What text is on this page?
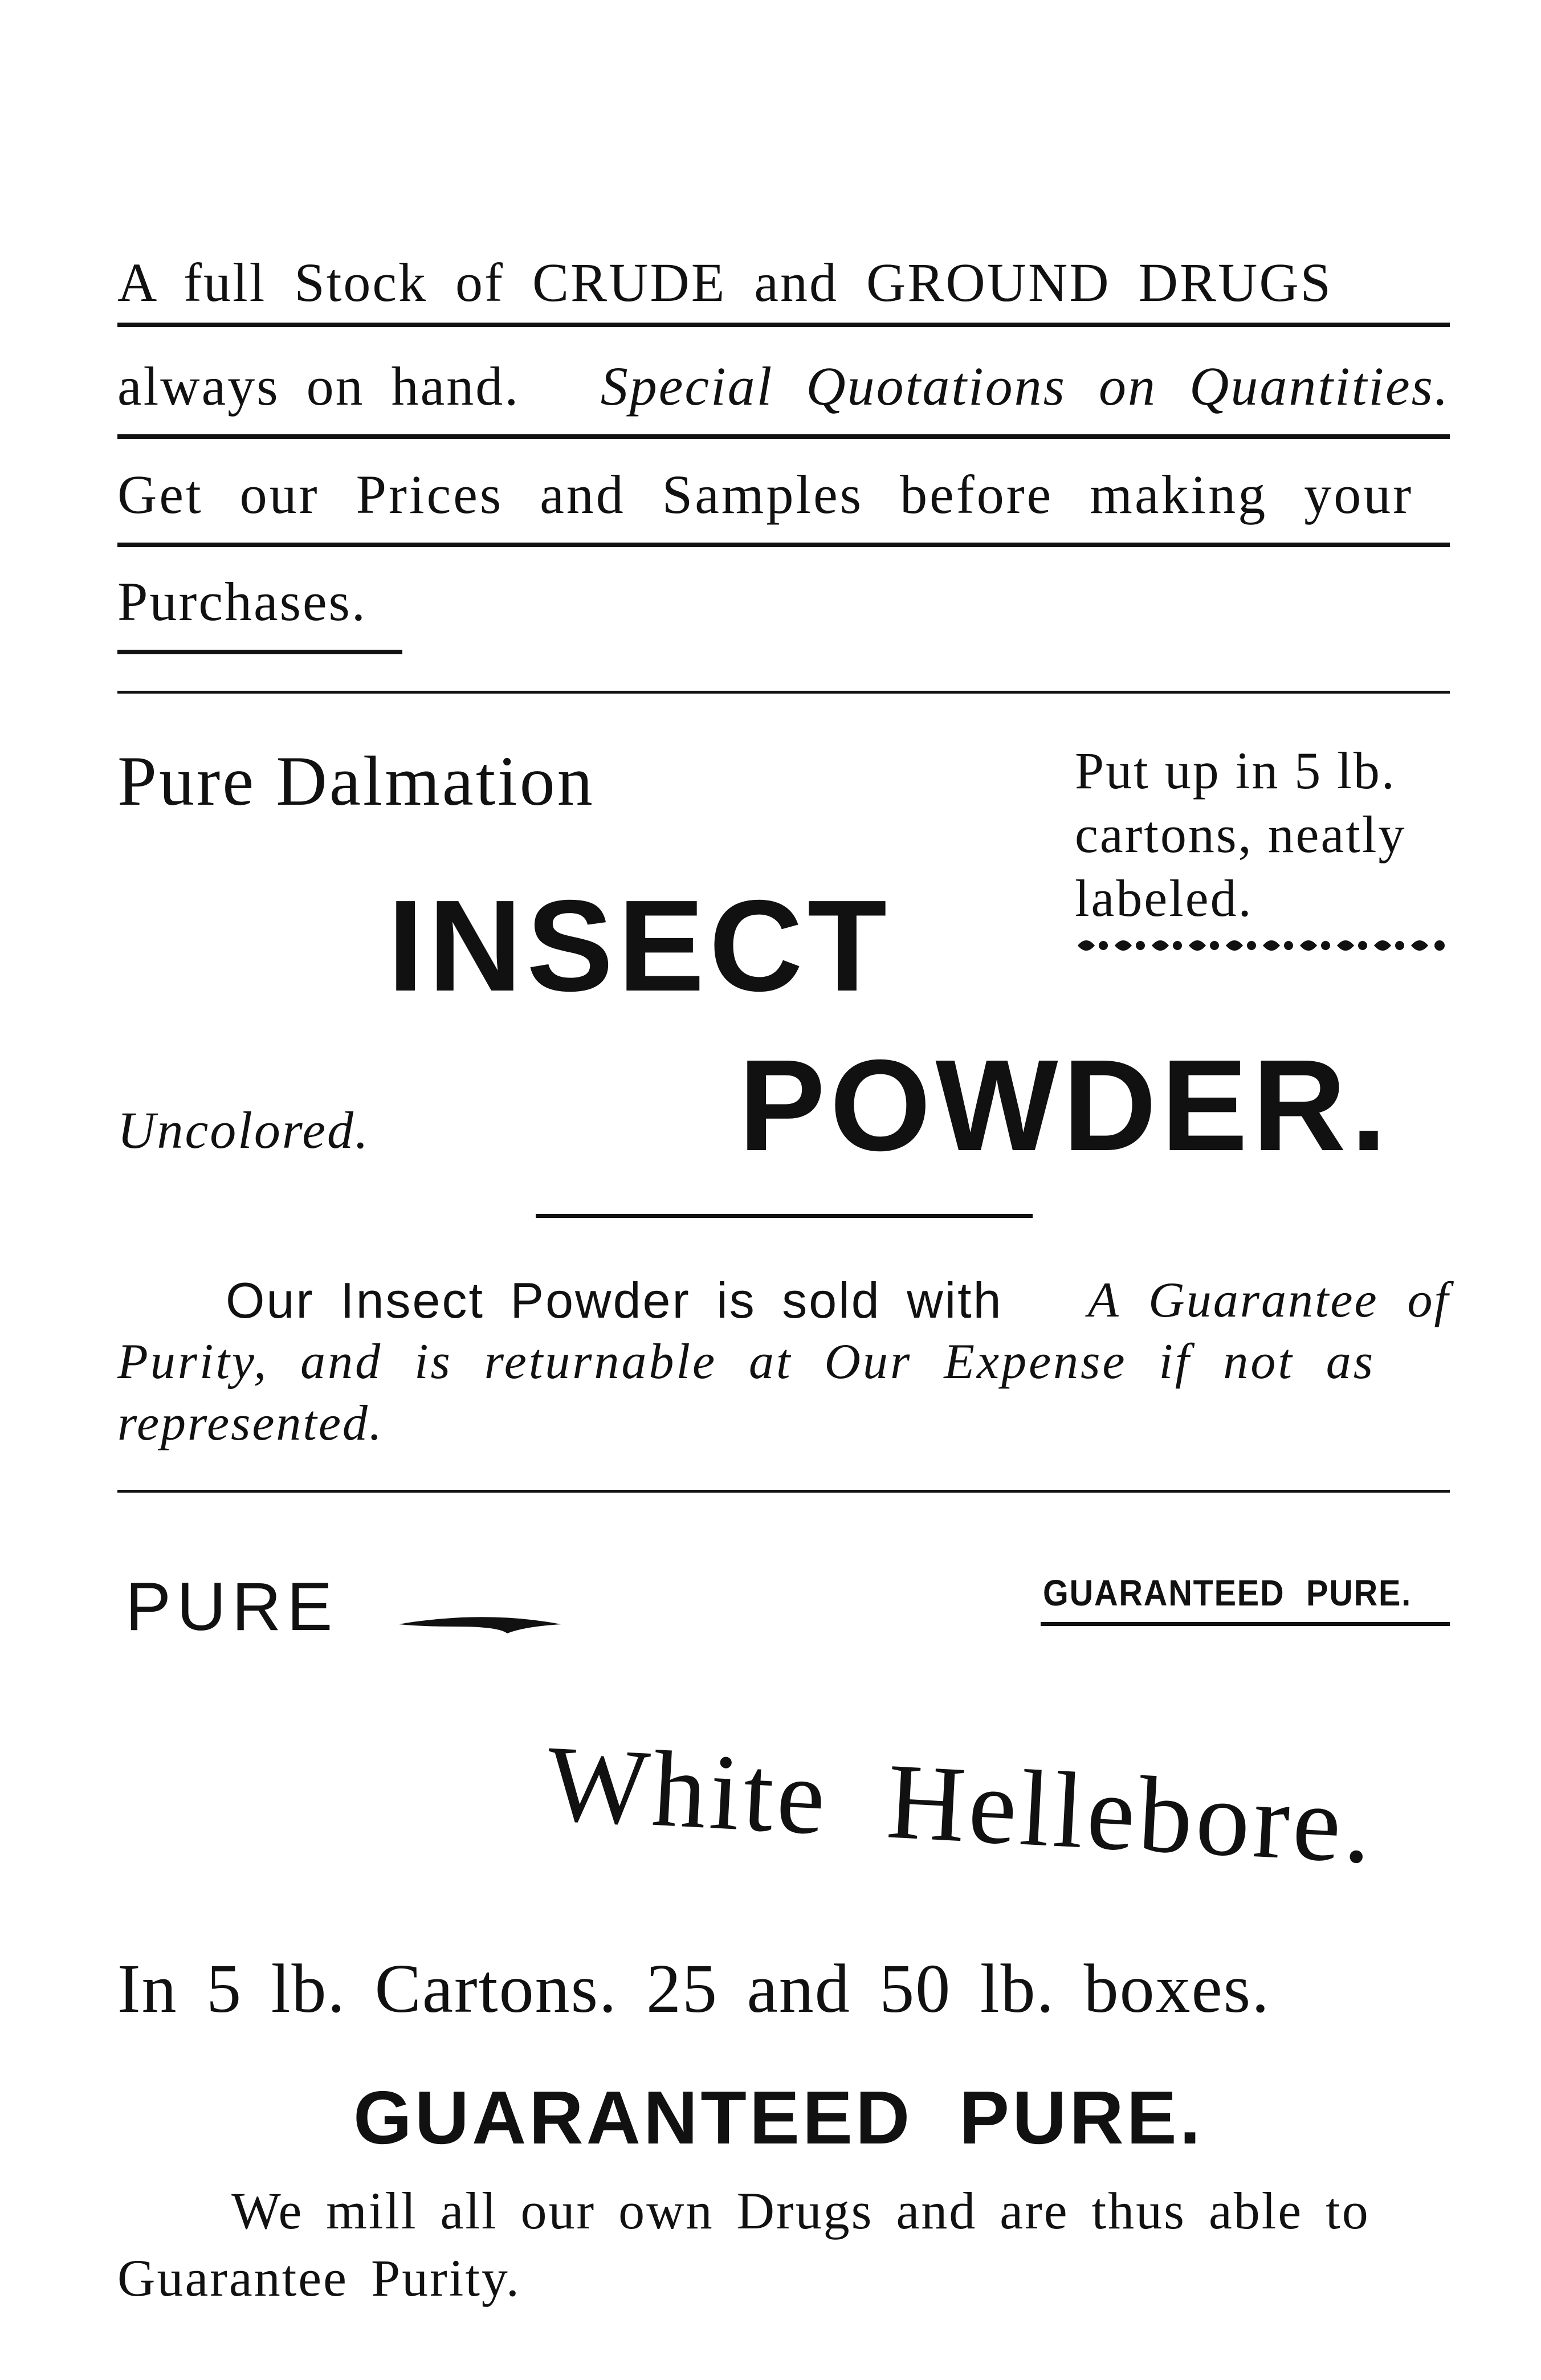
A full Stock of CRUDE and GROUND DRUGS
always on hand. Special Quotations on Quantities.
Get our Prices and Samples before making your
Purchases.
Pure Dalmation	Put up in 5 lb.
cartons, neatly
labeled.
INSECT
Uncolored.	POWDER.
Our Insect Powder is sold with A Guarantee of
Purity, and is returnable at Our Expense if not as
represented.
PURE	GUARANTEED PURE.
White Hellebore.
In 5 lb. Cartons. 25 and 50 lb. boxes.
GUARANTEED PURE.
We mill all our own Drugs and are thus able to
Guarantee Purity.
